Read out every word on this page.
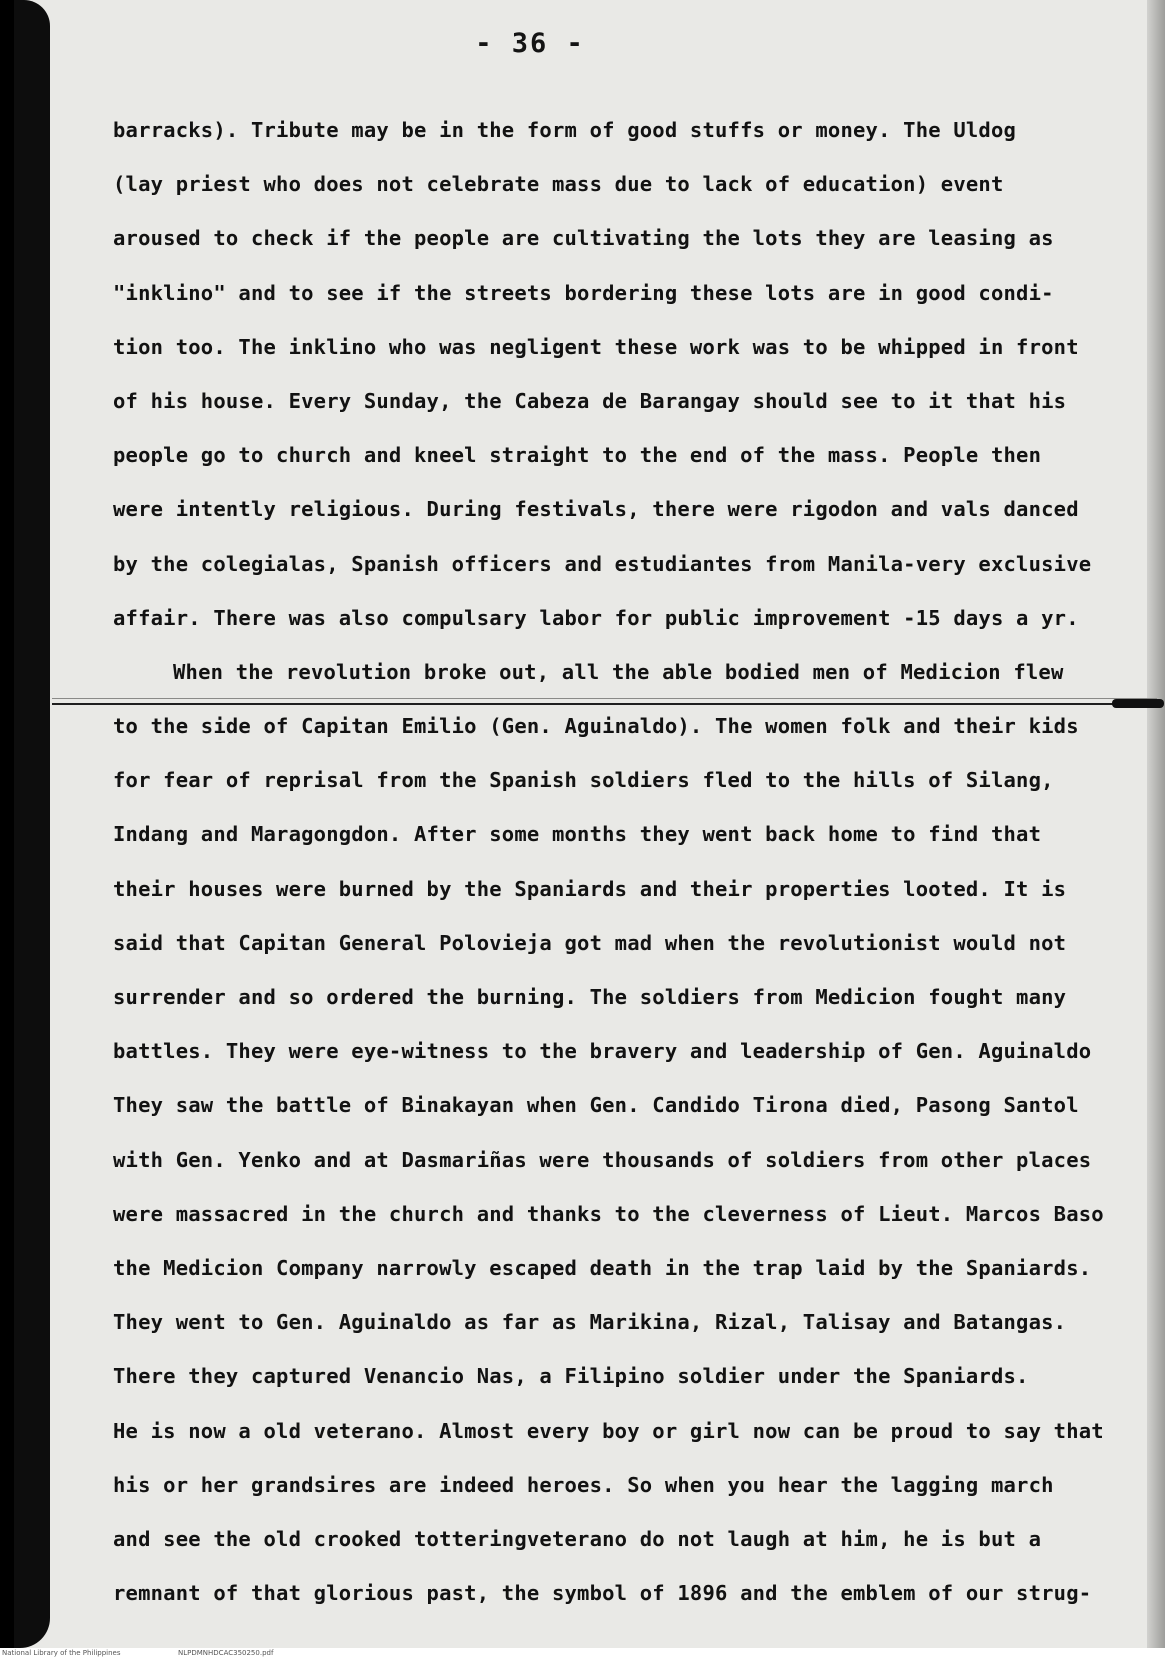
- 36 -
barracks). Tribute may be in the form of good stuffs or money. The Uldog
(lay priest who does not celebrate mass due to lack of education) event
aroused to check if the people are cultivating the lots they are leasing as
"inklino" and to see if the streets bordering these lots are in good condi-
tion too. The inklino who was negligent these work was to be whipped in front
of his house. Every Sunday, the Cabeza de Barangay should see to it that his
people go to church and kneel straight to the end of the mass. People then
were intently religious. During festivals, there were rigodon and vals danced
by the colegialas, Spanish officers and estudiantes from Manila-very exclusive
affair. There was also compulsary labor for public improvement -15 days a yr.
When the revolution broke out, all the able bodied men of Medicion flew
to the side of Capitan Emilio (Gen. Aguinaldo). The women folk and their kids
for fear of reprisal from the Spanish soldiers fled to the hills of Silang,
Indang and Maragongdon. After some months they went back home to find that
their houses were burned by the Spaniards and their properties looted. It is
said that Capitan General Polovieja got mad when the revolutionist would not
surrender and so ordered the burning. The soldiers from Medicion fought many
battles. They were eye-witness to the bravery and leadership of Gen. Aguinaldo
They saw the battle of Binakayan when Gen. Candido Tirona died, Pasong Santol
with Gen. Yenko and at Dasmariñas were thousands of soldiers from other places
were massacred in the church and thanks to the cleverness of Lieut. Marcos Baso
the Medicion Company narrowly escaped death in the trap laid by the Spaniards.
They went to Gen. Aguinaldo as far as Marikina, Rizal, Talisay and Batangas.
There they captured Venancio Nas, a Filipino soldier under the Spaniards.
He is now a old veterano. Almost every boy or girl now can be proud to say that
his or her grandsires are indeed heroes. So when you hear the lagging march
and see the old crooked totteringveterano do not laugh at him, he is but a
remnant of that glorious past, the symbol of 1896 and the emblem of our strug-
National Library of the Philippines	NLPDMNHDCAC350250.pdf
